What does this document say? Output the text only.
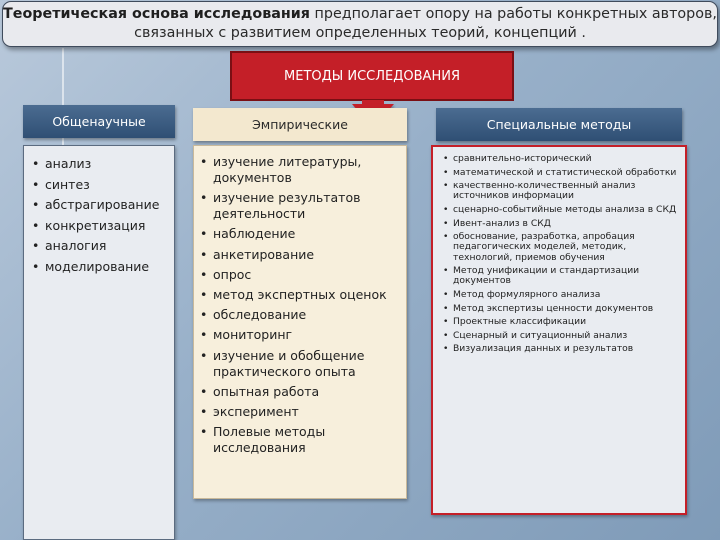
Теоретическая основа исследования предполагает опору на работы конкретных авторов,
связанных с развитием определенных теорий, концепций .
МЕТОДЫ ИССЛЕДОВАНИЯ
Общенаучные	Эмпирические	Специальные методы
• анализ
• синтез
• абстрагирование
• конкретизация
• аналогия
• моделирование
• изучение литературы, документов
• изучение результатов деятельности
• наблюдение
• анкетирование
• опрос
• метод экспертных оценок
• обследование
• мониторинг
• изучение и обобщение практического опыта
• опытная работа
• эксперимент
• Полевые методы исследования
• сравнительно-исторический
• математической и статистической обработки
• качественно-количественный анализ источников информации
• сценарно-событийные методы анализа в СКД
• Ивент-анализ в СКД
• обоснование, разработка, апробация педагогических моделей, методик, технологий, приемов обучения
• Метод унификации и стандартизации документов
• Метод формулярного анализа
• Метод экспертизы ценности документов
• Проектные классификации
• Сценарный и ситуационный анализ
• Визуализация данных и результатов
